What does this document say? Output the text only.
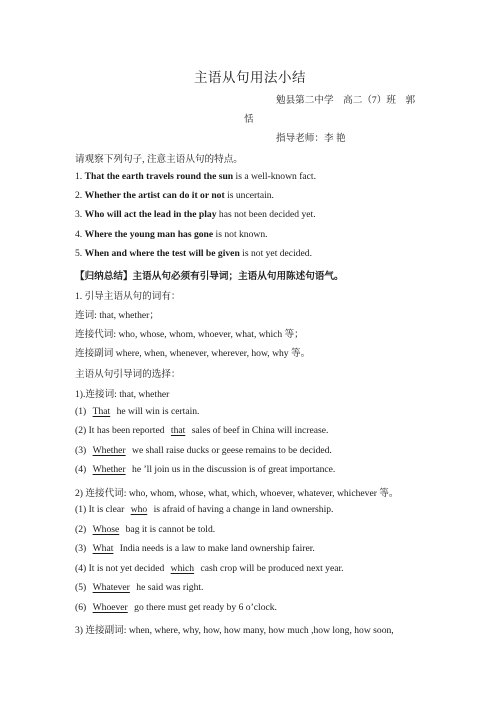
主语从句用法小结
勉县第二中学　高二（7）班　郭
恬
指导老师：李 艳
请观察下列句子, 注意主语从句的特点。
1. That the earth travels round the sun is a well-known fact.
2. Whether the artist can do it or not is uncertain.
3. Who will act the lead in the play has not been decided yet.
4. Where the young man has gone is not known.
5. When and where the test will be given is not yet decided.
【归纳总结】主语从句必须有引导词；主语从句用陈述句语气。
1. 引导主语从句的词有：
连词: that, whether；
连接代词: who, whose, whom, whoever, what, which 等；
连接副词 where, when, whenever, wherever, how, why 等。
主语从句引导词的选择：
1).连接词: that, whether
(1) That he will win is certain.
(2) It has been reported that sales of beef in China will increase.
(3) Whether we shall raise ducks or geese remains to be decided.
(4) Whether he ’ll join us in the discussion is of great importance.
2) 连接代词: who, whom, whose, what, which, whoever, whatever, whichever 等。
(1) It is clear who is afraid of having a change in land ownership.
(2) Whose bag it is cannot be told.
(3) What India needs is a law to make land ownership fairer.
(4) It is not yet decided which cash crop will be produced next year.
(5) Whatever he said was right.
(6) Whoever go there must get ready by 6 o’clock.
3) 连接副词: when, where, why, how, how many, how much ,how long, how soon,
